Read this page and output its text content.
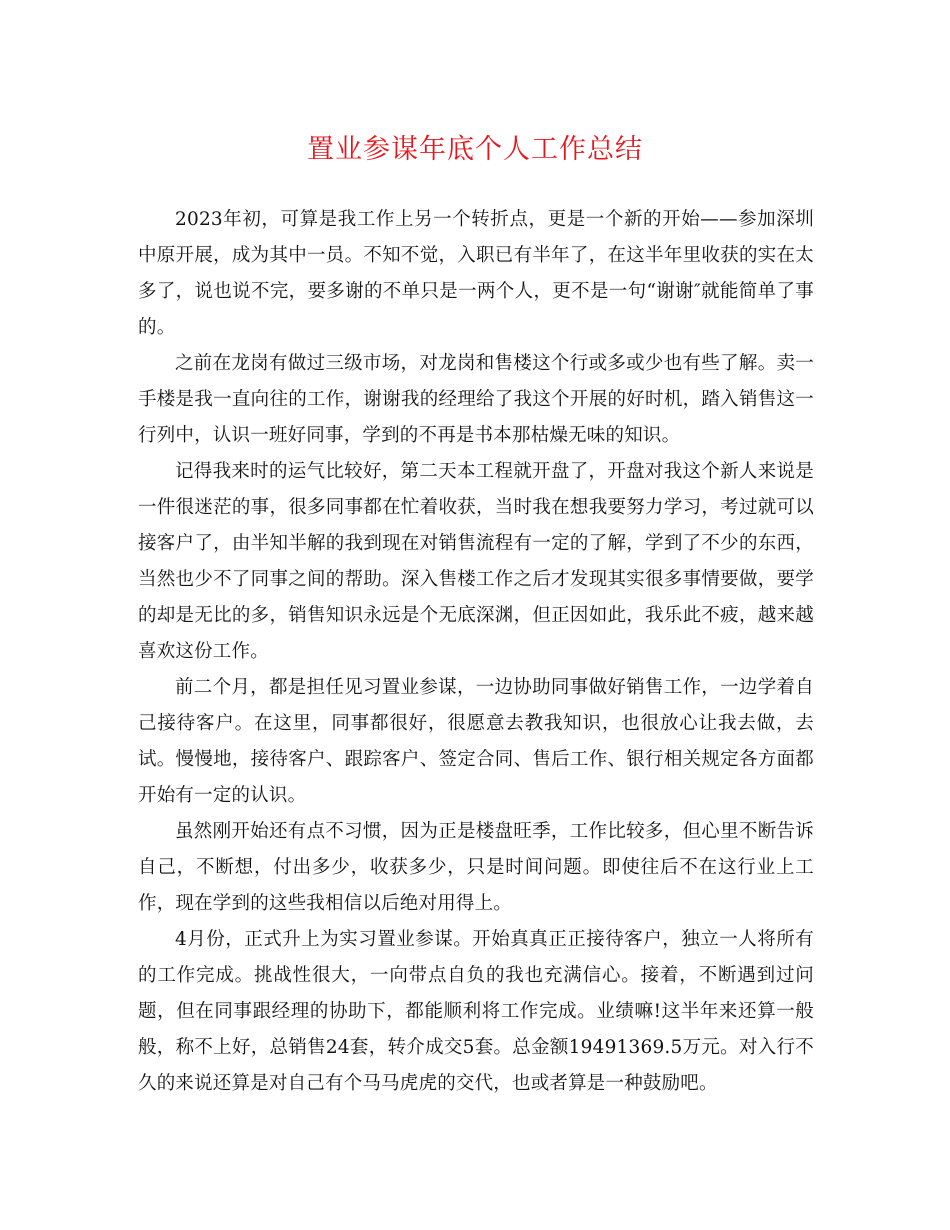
置业参谋年底个人工作总结

2023年初，可算是我工作上另一个转折点，更是一个新的开始——参加深圳中原开展，成为其中一员。不知不觉，入职已有半年了，在这半年里收获的实在太多了，说也说不完，要多谢的不单只是一两个人，更不是一句“谢谢″就能简单了事的。

之前在龙岗有做过三级市场，对龙岗和售楼这个行或多或少也有些了解。卖一手楼是我一直向往的工作，谢谢我的经理给了我这个开展的好时机，踏入销售这一行列中，认识一班好同事，学到的不再是书本那枯燥无味的知识。

记得我来时的运气比较好，第二天本工程就开盘了，开盘对我这个新人来说是一件很迷茫的事，很多同事都在忙着收获，当时我在想我要努力学习，考过就可以接客户了，由半知半解的我到现在对销售流程有一定的了解，学到了不少的东西，当然也少不了同事之间的帮助。深入售楼工作之后才发现其实很多事情要做，要学的却是无比的多，销售知识永远是个无底深渊，但正因如此，我乐此不疲，越来越喜欢这份工作。

前二个月，都是担任见习置业参谋，一边协助同事做好销售工作，一边学着自己接待客户。在这里，同事都很好，很愿意去教我知识，也很放心让我去做，去试。慢慢地，接待客户、跟踪客户、签定合同、售后工作、银行相关规定各方面都开始有一定的认识。

虽然刚开始还有点不习惯，因为正是楼盘旺季，工作比较多，但心里不断告诉自己，不断想，付出多少，收获多少，只是时间问题。即使往后不在这行业上工作，现在学到的这些我相信以后绝对用得上。

4月份，正式升上为实习置业参谋。开始真真正正接待客户，独立一人将所有的工作完成。挑战性很大，一向带点自负的我也充满信心。接着，不断遇到过问题，但在同事跟经理的协助下，都能顺利将工作完成。业绩嘛!这半年来还算一般般，称不上好，总销售24套，转介成交5套。总金额19491369.5万元。对入行不久的来说还算是对自己有个马马虎虎的交代，也或者算是一种鼓励吧。
